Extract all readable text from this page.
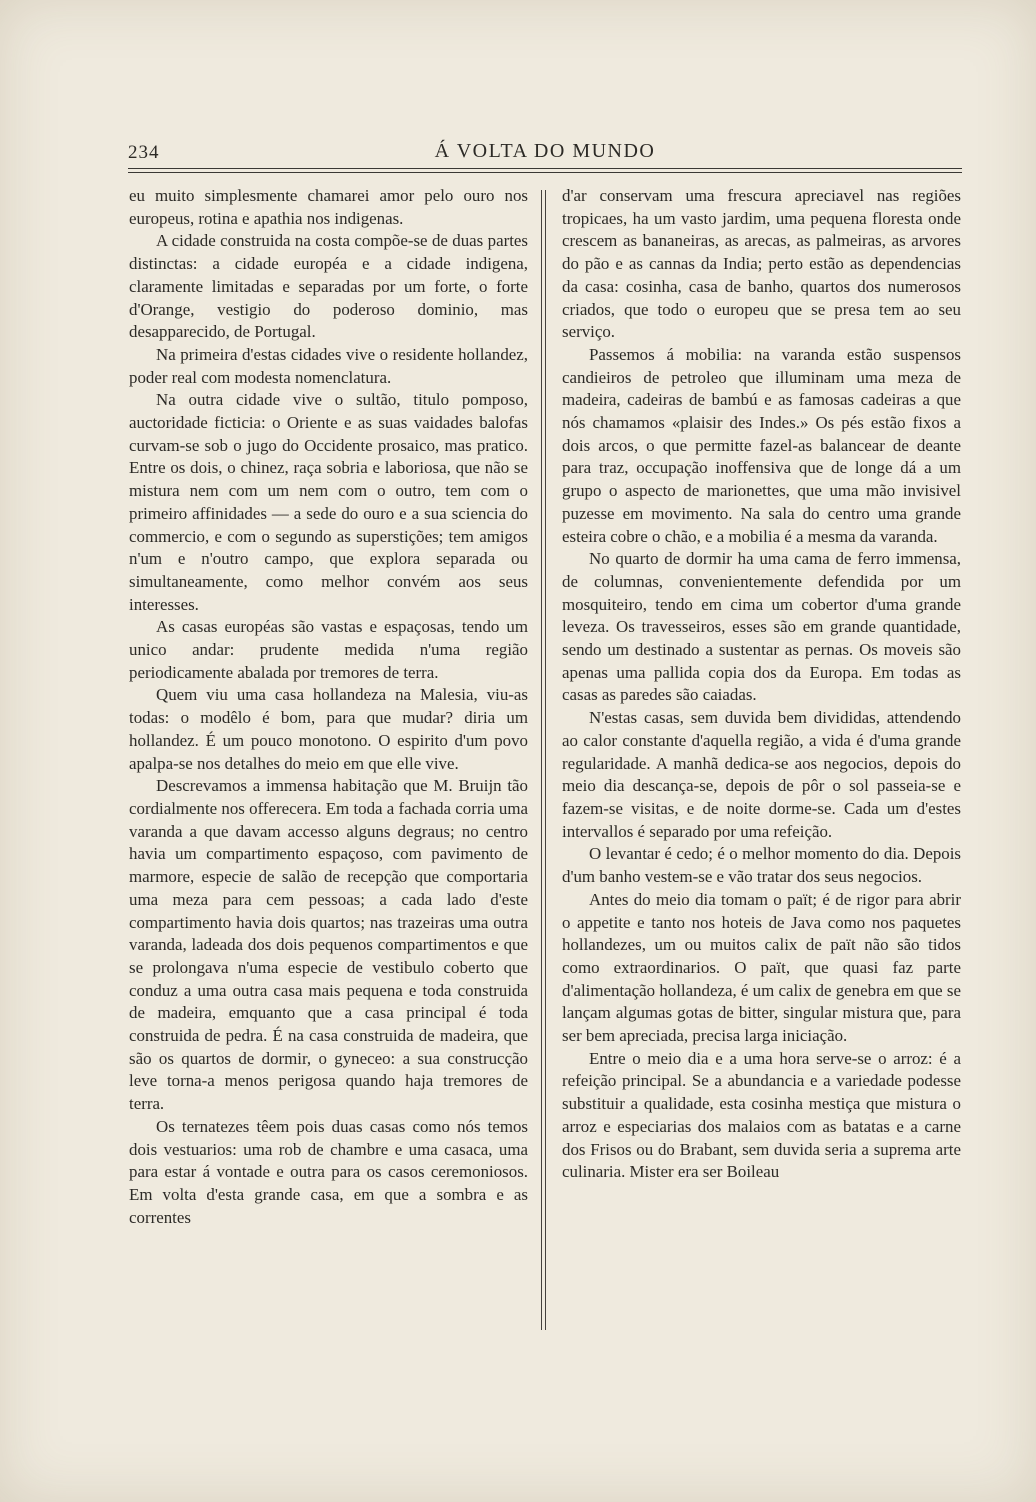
234	Á VOLTA DO MUNDO

eu muito simplesmente chamarei amor pelo ouro nos europeus, rotina e apathia nos indigenas.

A cidade construida na costa compõe-se de duas partes distinctas: a cidade européa e a cidade indigena, claramente limitadas e separadas por um forte, o forte d'Orange, vestigio do poderoso dominio, mas desapparecido, de Portugal.

Na primeira d'estas cidades vive o residente hollandez, poder real com modesta nomenclatura.

Na outra cidade vive o sultão, titulo pomposo, auctoridade ficticia: o Oriente e as suas vaidades balofas curvam-se sob o jugo do Occidente prosaico, mas pratico. Entre os dois, o chinez, raça sobria e laboriosa, que não se mistura nem com um nem com o outro, tem com o primeiro affinidades — a sede do ouro e a sua sciencia do commercio, e com o segundo as superstições; tem amigos n'um e n'outro campo, que explora separada ou simultaneamente, como melhor convém aos seus interesses.

As casas européas são vastas e espaçosas, tendo um unico andar: prudente medida n'uma região periodicamente abalada por tremores de terra.

Quem viu uma casa hollandeza na Malesia, viu-as todas: o modêlo é bom, para que mudar? diria um hollandez. É um pouco monotono. O espirito d'um povo apalpa-se nos detalhes do meio em que elle vive.

Descrevamos a immensa habitação que M. Bruijn tão cordialmente nos offerecera. Em toda a fachada corria uma varanda a que davam accesso alguns degraus; no centro havia um compartimento espaçoso, com pavimento de marmore, especie de salão de recepção que comportaria uma meza para cem pessoas; a cada lado d'este compartimento havia dois quartos; nas trazeiras uma outra varanda, ladeada dos dois pequenos compartimentos e que se prolongava n'uma especie de vestibulo coberto que conduz a uma outra casa mais pequena e toda construida de madeira, emquanto que a casa principal é toda construida de pedra. É na casa construida de madeira, que são os quartos de dormir, o gyneceo: a sua construcção leve torna-a menos perigosa quando haja tremores de terra.

Os ternatezes têem pois duas casas como nós temos dois vestuarios: uma rob de chambre e uma casaca, uma para estar á vontade e outra para os casos ceremoniosos. Em volta d'esta grande casa, em que a sombra e as correntes

d'ar conservam uma frescura apreciavel nas regiões tropicaes, ha um vasto jardim, uma pequena floresta onde crescem as bananeiras, as arecas, as palmeiras, as arvores do pão e as cannas da India; perto estão as dependencias da casa: cosinha, casa de banho, quartos dos numerosos criados, que todo o europeu que se presa tem ao seu serviço.

Passemos á mobilia: na varanda estão suspensos candieiros de petroleo que illuminam uma meza de madeira, cadeiras de bambú e as famosas cadeiras a que nós chamamos «plaisir des Indes.» Os pés estão fixos a dois arcos, o que permitte fazel-as balancear de deante para traz, occupação inoffensiva que de longe dá a um grupo o aspecto de marionettes, que uma mão invisivel puzesse em movimento. Na sala do centro uma grande esteira cobre o chão, e a mobilia é a mesma da varanda.

No quarto de dormir ha uma cama de ferro immensa, de columnas, convenientemente defendida por um mosquiteiro, tendo em cima um cobertor d'uma grande leveza. Os travesseiros, esses são em grande quantidade, sendo um destinado a sustentar as pernas. Os moveis são apenas uma pallida copia dos da Europa. Em todas as casas as paredes são caiadas.

N'estas casas, sem duvida bem divididas, attendendo ao calor constante d'aquella região, a vida é d'uma grande regularidade. A manhã dedica-se aos negocios, depois do meio dia descança-se, depois de pôr o sol passeia-se e fazem-se visitas, e de noite dorme-se. Cada um d'estes intervallos é separado por uma refeição.

O levantar é cedo; é o melhor momento do dia. Depois d'um banho vestem-se e vão tratar dos seus negocios.

Antes do meio dia tomam o paït; é de rigor para abrir o appetite e tanto nos hoteis de Java como nos paquetes hollandezes, um ou muitos calix de paït não são tidos como extraordinarios. O paït, que quasi faz parte d'alimentação hollandeza, é um calix de genebra em que se lançam algumas gotas de bitter, singular mistura que, para ser bem apreciada, precisa larga iniciação.

Entre o meio dia e a uma hora serve-se o arroz: é a refeição principal. Se a abundancia e a variedade podesse substituir a qualidade, esta cosinha mestiça que mistura o arroz e especiarias dos malaios com as batatas e a carne dos Frisos ou do Brabant, sem duvida seria a suprema arte culinaria. Mister era ser Boileau
